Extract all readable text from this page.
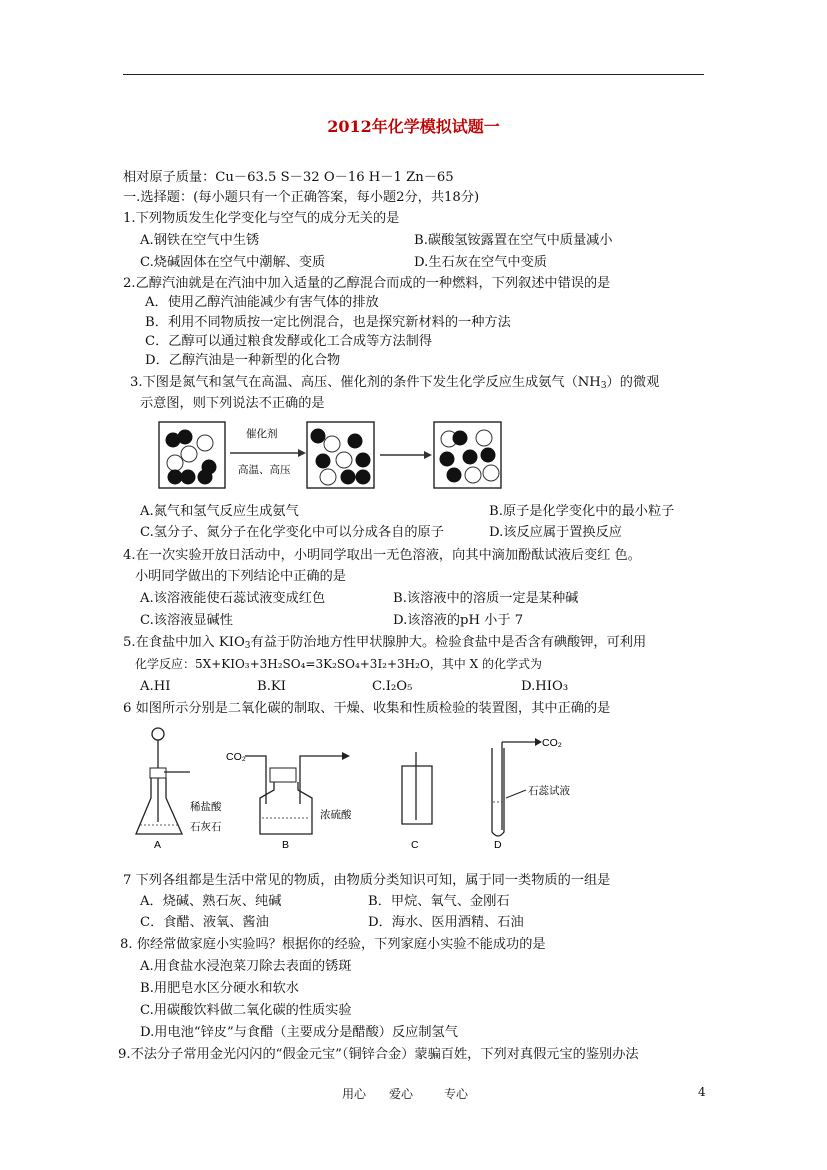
2012年化学模拟试题一
相对原子质量：Cu－63.5 S－32 O－16 H－1 Zn－65
一.选择题：(每小题只有一个正确答案，每小题2分，共18分)
1.下列物质发生化学变化与空气的成分无关的是
A.钢铁在空气中生锈	B.碳酸氢铵露置在空气中质量减小
C.烧碱固体在空气中潮解、变质	D.生石灰在空气中变质
2.乙醇汽油就是在汽油中加入适量的乙醇混合而成的一种燃料，下列叙述中错误的是
A．使用乙醇汽油能减少有害气体的排放
B．利用不同物质按一定比例混合，也是探究新材料的一种方法
C．乙醇可以通过粮食发酵或化工合成等方法制得
D．乙醇汽油是一种新型的化合物
3.下图是氮气和氢气在高温、高压、催化剂的条件下发生化学反应生成氨气$(NH_3)$的微观
示意图，则下列说法不正确的是
催化剂
高温、高压
A.氮气和氢气反应生成氨气	B.原子是化学变化中的最小粒子
C.氢分子、氮分子在化学变化中可以分成各自的原子	D.该反应属于置换反应
4.在一次实验开放日活动中，小明同学取出一无色溶液，向其中滴加酚酞试液后变红 色。
小明同学做出的下列结论中正确的是
A.该溶液能使石蕊试液变成红色	B.该溶液中的溶质一定是某种碱
C.该溶液显碱性	D.该溶液的pH 小于 7
5.在食盐中加入 $KIO_3$有益于防治地方性甲状腺肿大。检验食盐中是否含有碘酸钾，可利用
化学反应：5X+KIO₃+3H₂SO₄=3K₂SO₄+3I₂+3H₂O，其中 X 的化学式为
A.HI	B.KI	C.I₂O₅	D.HIO₃
6 如图所示分别是二氧化碳的制取、干燥、收集和性质检验的装置图，其中正确的是
稀盐酸
石灰石
A
CO₂
浓硫酸
B	C
CO₂
石蕊试液
D
7 下列各组都是生活中常见的物质，由物质分类知识可知，属于同一类物质的一组是
A．烧碱、熟石灰、纯碱	B．甲烷、氧气、金刚石
C．食醋、液氧、酱油	D．海水、医用酒精、石油
8. 你经常做家庭小实验吗？根据你的经验，下列家庭小实验不能成功的是
A.用食盐水浸泡菜刀除去表面的锈斑
B.用肥皂水区分硬水和软水
C.用碳酸饮料做二氧化碳的性质实验
D.用电池“锌皮”与食醋（主要成分是醋酸）反应制氢气
9.不法分子常用金光闪闪的“假金元宝”（铜锌合金）蒙骗百姓，下列对真假元宝的鉴别办法
用心 爱心	专心	4
